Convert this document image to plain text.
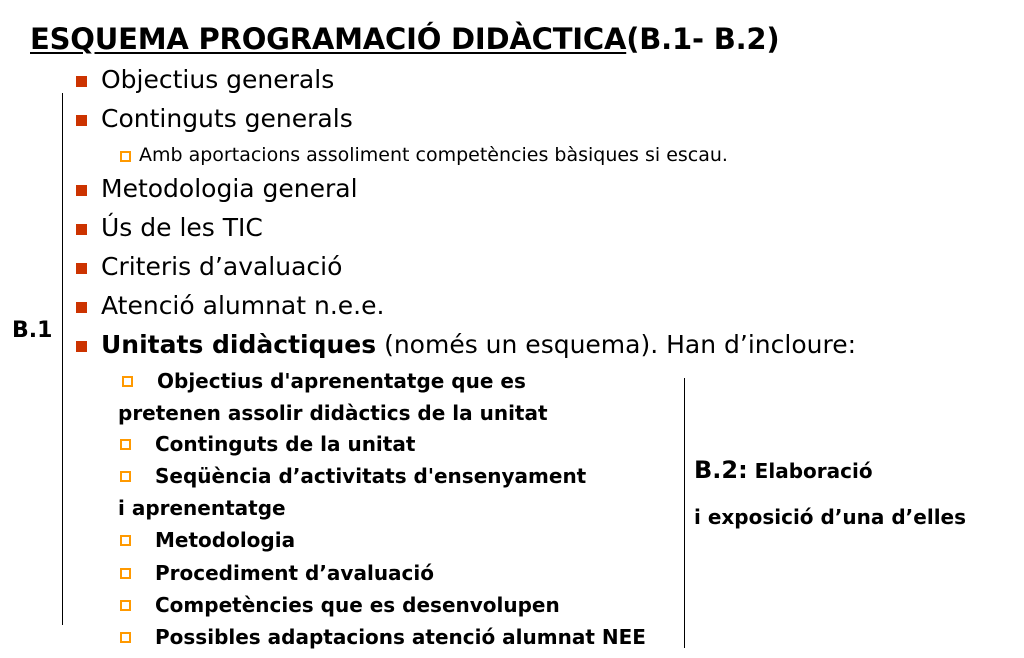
ESQUEMA PROGRAMACIÓ DIDÀCTICA(B.1- B.2)
B.1
Objectius generals
Continguts generals
Amb aportacions assoliment competències bàsiques si escau.
Metodologia general
Ús de les TIC
Criteris d’avaluació
Atenció alumnat n.e.e.
Unitats didàctiques (només un esquema). Han d’incloure:
Objectius d'aprenentatge que es
pretenen assolir didàctics de la unitat
Continguts de la unitat
Seqüència d’activitats d'ensenyament
i aprenentatge
Metodologia
Procediment d’avaluació
Competències que es desenvolupen
Possibles adaptacions atenció alumnat NEE
B.2: Elaboració
i exposició d’una d’elles
